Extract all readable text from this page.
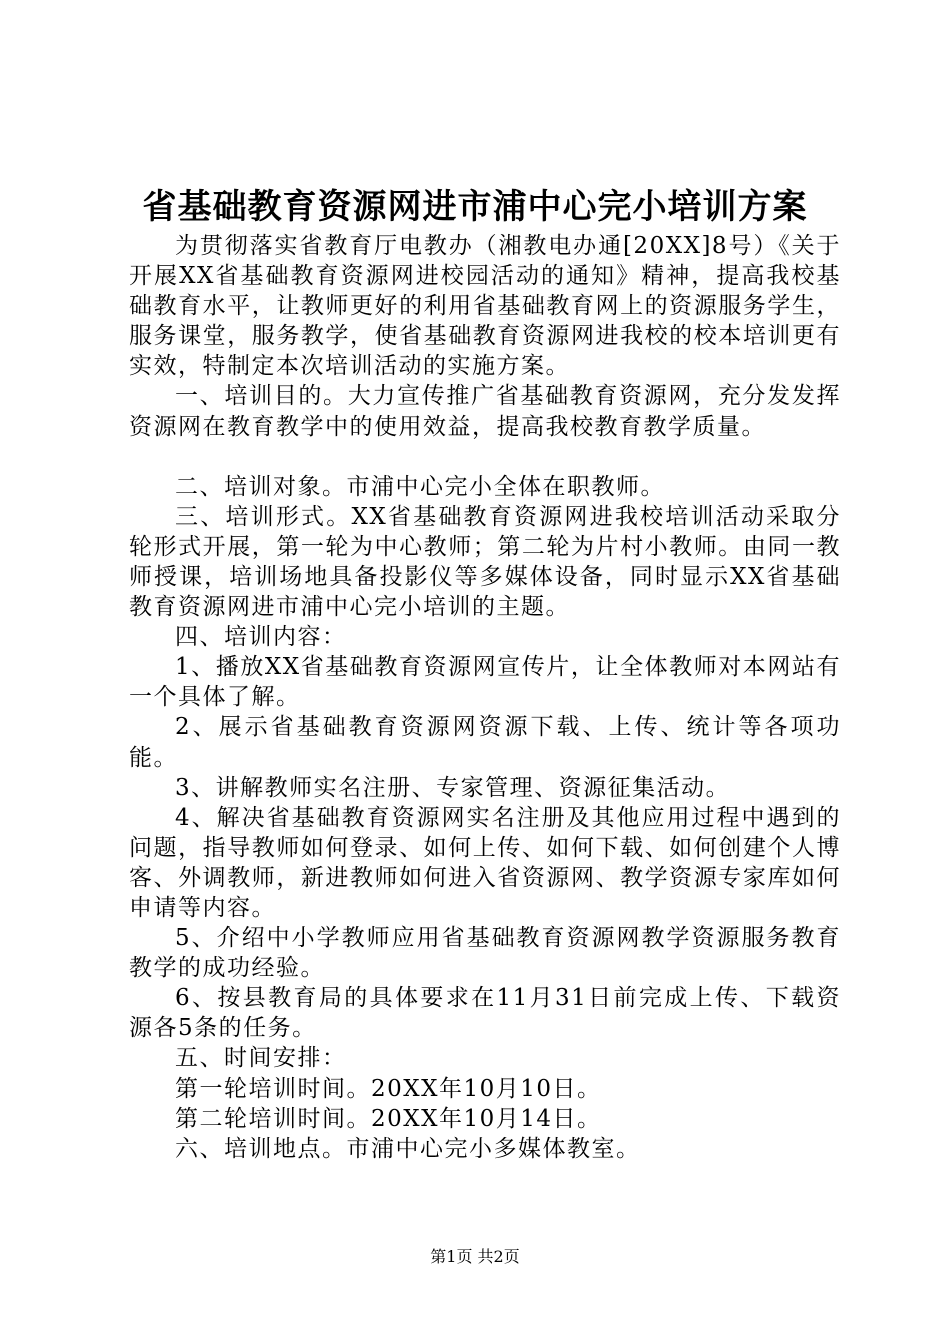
省基础教育资源网进市浦中心完小培训方案

为贯彻落实省教育厅电教办（湘教电办通[20XX]8号）《关于开展XX省基础教育资源网进校园活动的通知》精神，提高我校基础教育水平，让教师更好的利用省基础教育网上的资源服务学生，服务课堂，服务教学，使省基础教育资源网进我校的校本培训更有实效，特制定本次培训活动的实施方案。

一、培训目的。大力宣传推广省基础教育资源网，充分发发挥资源网在教育教学中的使用效益，提高我校教育教学质量。

二、培训对象。市浦中心完小全体在职教师。

三、培训形式。XX省基础教育资源网进我校培训活动采取分轮形式开展，第一轮为中心教师；第二轮为片村小教师。由同一教师授课，培训场地具备投影仪等多媒体设备，同时显示XX省基础教育资源网进市浦中心完小培训的主题。

四、培训内容：

1、播放XX省基础教育资源网宣传片，让全体教师对本网站有一个具体了解。

2、展示省基础教育资源网资源下载、上传、统计等各项功能。

3、讲解教师实名注册、专家管理、资源征集活动。

4、解决省基础教育资源网实名注册及其他应用过程中遇到的问题，指导教师如何登录、如何上传、如何下载、如何创建个人博客、外调教师，新进教师如何进入省资源网、教学资源专家库如何申请等内容。

5、介绍中小学教师应用省基础教育资源网教学资源服务教育教学的成功经验。

6、按县教育局的具体要求在11月31日前完成上传、下载资源各5条的任务。

五、时间安排：

第一轮培训时间。20XX年10月10日。

第二轮培训时间。20XX年10月14日。

六、培训地点。市浦中心完小多媒体教室。

第1页 共2页
